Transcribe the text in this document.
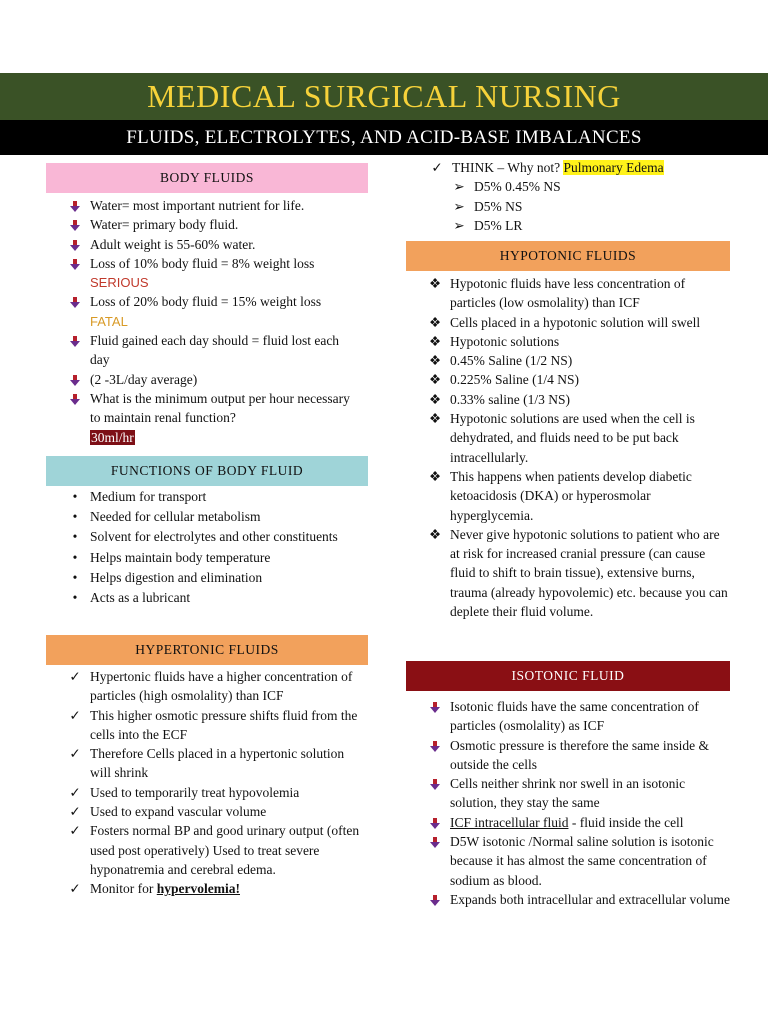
MEDICAL SURGICAL NURSING
FLUIDS, ELECTROLYTES, AND ACID-BASE IMBALANCES
BODY FLUIDS
Water= most important nutrient for life.
Water= primary body fluid.
Adult weight is 55-60% water.
Loss of 10% body fluid = 8% weight loss
SERIOUS
Loss of 20% body fluid = 15% weight loss
FATAL
Fluid gained each day should = fluid lost each day
(2 -3L/day average)
What is the minimum output per hour necessary to maintain renal function?
30ml/hr
FUNCTIONS OF BODY FLUID
• Medium for transport
• Needed for cellular metabolism
• Solvent for electrolytes and other constituents
• Helps maintain body temperature
• Helps digestion and elimination
• Acts as a lubricant
HYPERTONIC FLUIDS
✓ Hypertonic fluids have a higher concentration of particles (high osmolality) than ICF
✓ This higher osmotic pressure shifts fluid from the cells into the ECF
✓ Therefore Cells placed in a hypertonic solution will shrink
✓ Used to temporarily treat hypovolemia
✓ Used to expand vascular volume
✓ Fosters normal BP and good urinary output (often used post operatively) Used to treat severe hyponatremia and cerebral edema.
✓ Monitor for hypervolemia!
✓ THINK – Why not? Pulmonary Edema
➢ D5% 0.45% NS
➢ D5% NS
➢ D5% LR
HYPOTONIC FLUIDS
❖ Hypotonic fluids have less concentration of particles (low osmolality) than ICF
❖ Cells placed in a hypotonic solution will swell
❖ Hypotonic solutions
❖ 0.45% Saline (1/2 NS)
❖ 0.225% Saline (1/4 NS)
❖ 0.33% saline (1/3 NS)
❖ Hypotonic solutions are used when the cell is dehydrated, and fluids need to be put back intracellularly.
❖ This happens when patients develop diabetic ketoacidosis (DKA) or hyperosmolar hyperglycemia.
❖ Never give hypotonic solutions to patient who are at risk for increased cranial pressure (can cause fluid to shift to brain tissue), extensive burns, trauma (already hypovolemic) etc. because you can deplete their fluid volume.
ISOTONIC FLUID
Isotonic fluids have the same concentration of particles (osmolality) as ICF
Osmotic pressure is therefore the same inside & outside the cells
Cells neither shrink nor swell in an isotonic solution, they stay the same
ICF intracellular fluid - fluid inside the cell
D5W isotonic /Normal saline solution is isotonic because it has almost the same concentration of sodium as blood.
Expands both intracellular and extracellular volume
